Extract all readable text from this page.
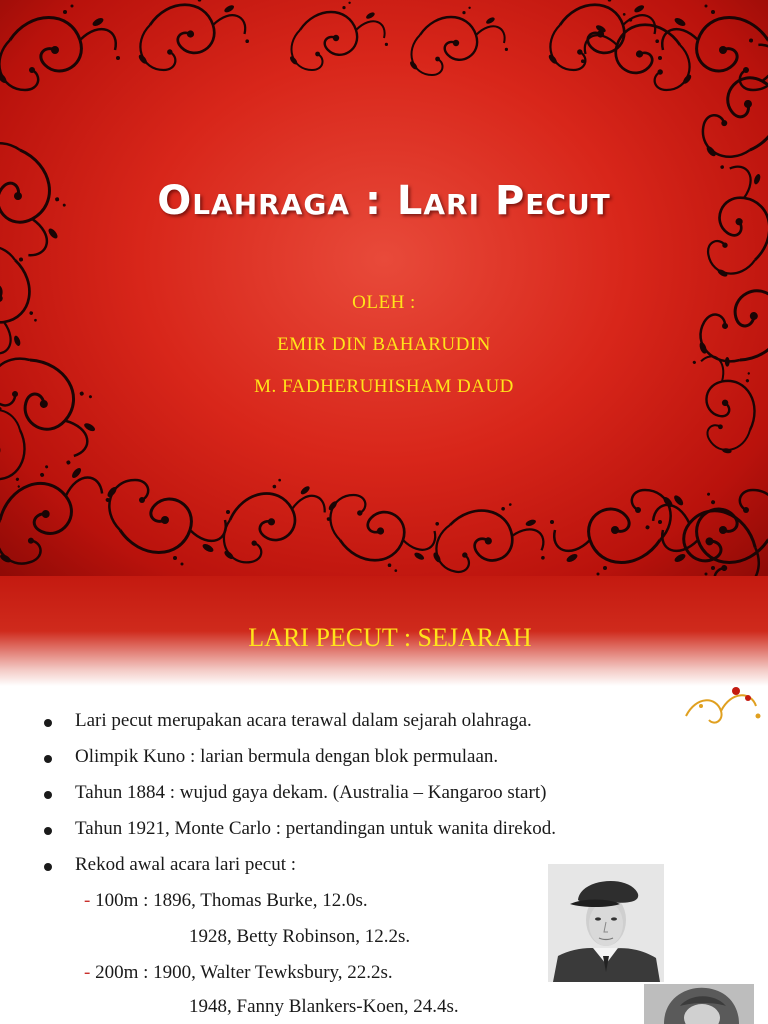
Olahraga : Lari Pecut
OLEH :
EMIR DIN BAHARUDIN
M. FADHERUHISHAM DAUD
LARI PECUT : SEJARAH
Lari pecut merupakan acara terawal dalam sejarah olahraga.
Olimpik Kuno : larian bermula dengan blok permulaan.
Tahun 1884 : wujud gaya dekam. (Australia – Kangaroo start)
Tahun 1921, Monte Carlo : pertandingan untuk wanita direkod.
Rekod awal acara lari pecut :
- 100m : 1896, Thomas Burke, 12.0s.
1928, Betty Robinson, 12.2s.
- 200m : 1900, Walter Tewksbury, 22.2s.
1948, Fanny Blankers-Koen, 24.4s.
